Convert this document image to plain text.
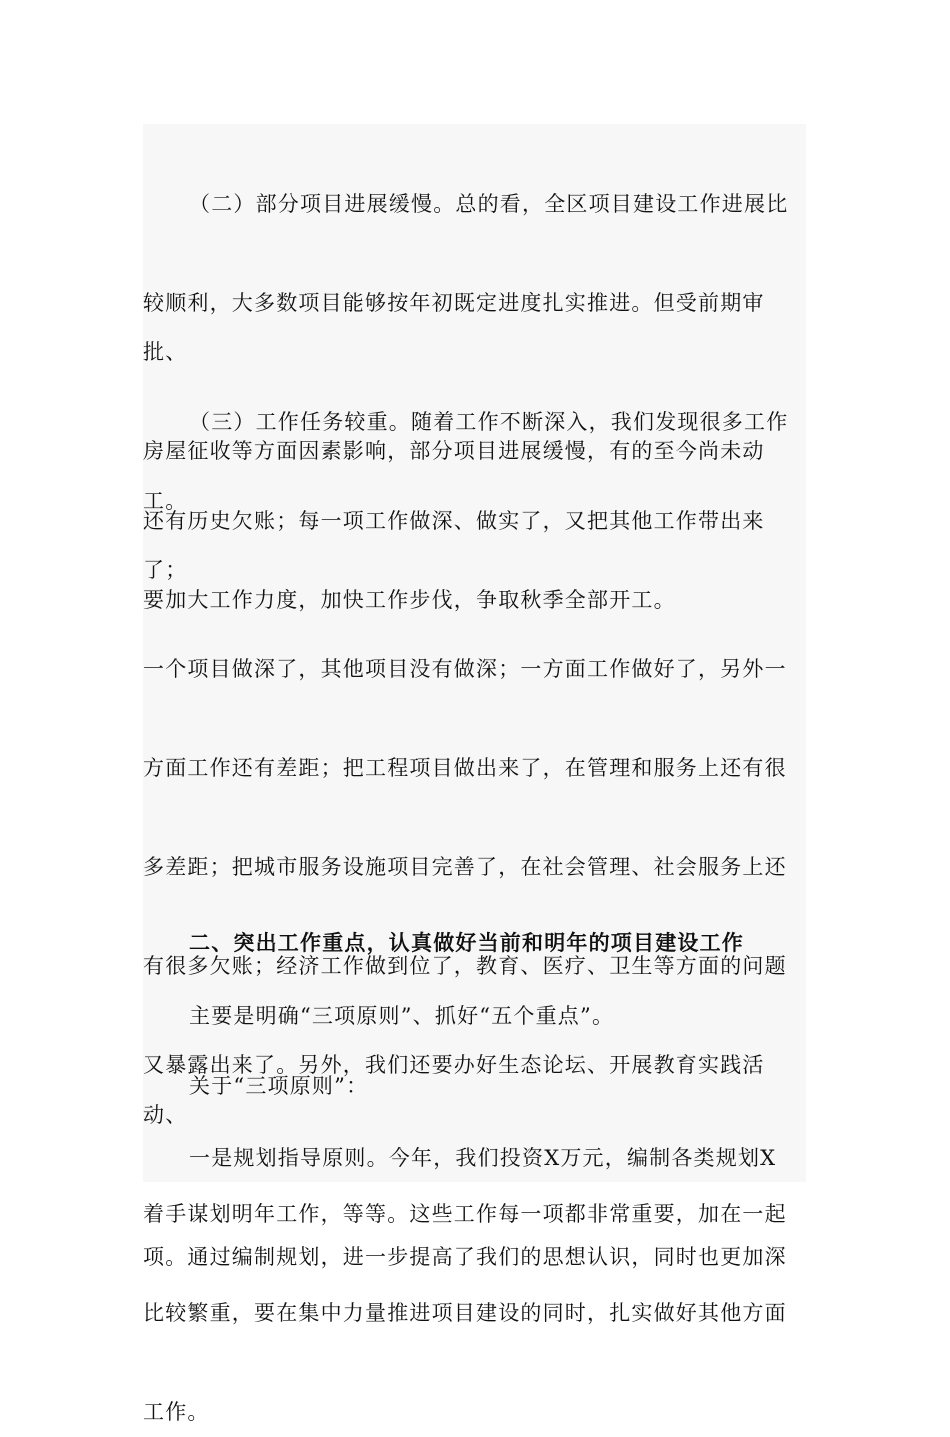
（二）部分项目进展缓慢。总的看，全区项目建设工作进展比

较顺利，大多数项目能够按年初既定进度扎实推进。但受前期审批、

房屋征收等方面因素影响，部分项目进展缓慢，有的至今尚未动工。

要加大工作力度，加快工作步伐，争取秋季全部开工。

（三）工作任务较重。随着工作不断深入，我们发现很多工作

还有历史欠账；每一项工作做深、做实了，又把其他工作带出来了；

一个项目做深了，其他项目没有做深；一方面工作做好了，另外一

方面工作还有差距；把工程项目做出来了，在管理和服务上还有很

多差距；把城市服务设施项目完善了，在社会管理、社会服务上还

有很多欠账；经济工作做到位了，教育、医疗、卫生等方面的问题

又暴露出来了。另外，我们还要办好生态论坛、开展教育实践活动、

着手谋划明年工作，等等。这些工作每一项都非常重要，加在一起

比较繁重，要在集中力量推进项目建设的同时，扎实做好其他方面

工作。

二、突出工作重点，认真做好当前和明年的项目建设工作

主要是明确“三项原则”、抓好“五个重点”。

关于“三项原则”：

一是规划指导原则。今年，我们投资X万元，编制各类规划X

项。通过编制规划，进一步提高了我们的思想认识，同时也更加深
